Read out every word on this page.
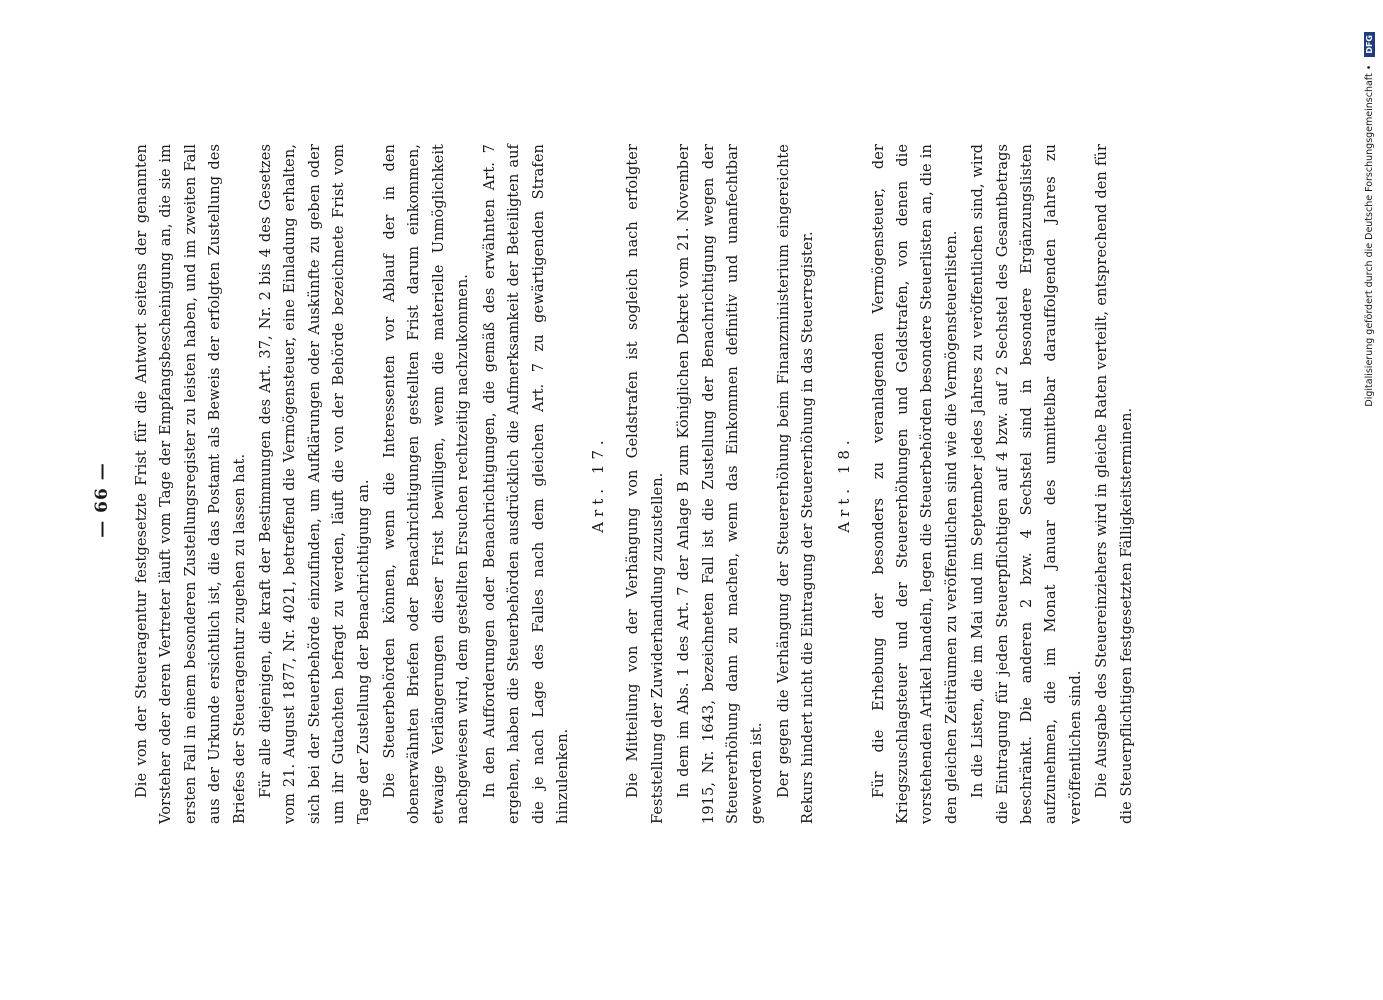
— 66 — Die von der Steueragentur festgesetzte Frist für die Antwort seitens der genannten Vorsteher oder deren Vertreter läuft vom Tage der Empfangsbescheinigung an, die sie im ersten Fall in einem besonderen Zustellungsregister zu leisten haben, und im zweiten Fall aus der Urkunde ersichtlich ist, die das Postamt als Beweis der erfolgten Zustellung des Briefes der Steueragentur zugehen zu lassen hat. Für alle diejenigen, die kraft der Bestimmungen des Art. 37, Nr. 2 bis 4 des Gesetzes vom 21. August 1877, Nr. 4021, betreffend die Vermögensteuer, eine Einladung erhalten, sich bei der Steuerbehörde einzufinden, um Aufklärungen oder Auskünfte zu geben oder um ihr Gutachten befragt zu werden, läuft die von der Behörde bezeichnete Frist vom Tage der Zustellung der Benachrichtigung an. Die Steuerbehörden können, wenn die Interessenten vor Ablauf der in den obenerwähnten Briefen oder Benachrichtigungen gestellten Frist darum einkommen, etwaige Verlängerungen dieser Frist bewilligen, wenn die materielle Unmöglichkeit nachgewiesen wird, dem gestellten Ersuchen rechtzeitig nachzukommen. In den Aufforderungen oder Benachrichtigungen, die gemäß des erwähnten Art. 7 ergehen, haben die Steuerbehörden ausdrücklich die Aufmerksamkeit der Beteiligten auf die je nach Lage des Falles nach dem gleichen Art. 7 zu gewärtigenden Strafen hinzulenken.

Art. 17. Die Mitteilung von der Verhängung von Geldstrafen ist sogleich nach erfolgter Feststellung der Zuwiderhandlung zuzustellen. In dem im Abs. 1 des Art. 7 der Anlage B zum Königlichen Dekret vom 21. November 1915, Nr. 1643, bezeichneten Fall ist die Zustellung der Benachrichtigung wegen der Steuererhöhung dann zu machen, wenn das Einkommen definitiv und unanfechtbar geworden ist. Der gegen die Verhängung der Steuererhöhung beim Finanzministerium eingereichte Rekurs hindert nicht die Eintragung der Steuererhöhung in das Steuerregister. Art. 18. Für die Erhebung der besonders zu veranlagenden Vermögensteuer, der Kriegszuschlagsteuer und der Steuererhöhungen und Geldstrafen, von denen die vorstehenden Artikel handeln, legen die Steuerbehörden besondere Steuerlisten an, die in den gleichen Zeiträumen zu veröffentlichen sind wie die Vermögensteuerlisten. In die Listen, die im Mai und im September jedes Jahres zu veröffentlichen sind, wird die Eintragung für jeden Steuerpflichtigen auf 4 bzw. auf 2 Sechstel des Gesamtbetrags beschränkt. Die anderen 2 bzw. 4 Sechstel sind in besondere Ergänzungslisten aufzunehmen, die im Monat Januar des unmittelbar darauffolgenden Jahres zu veröffentlichen sind. Die Ausgabe des Steuereinziehers wird in gleiche Raten verteilt, entsprechend den für die Steuerpflichtigen festgesetzten Fälligkeitsterminen.

Digitalisierung gefördert durch die Deutsche Forschungsgemeinschaft •
DFG
